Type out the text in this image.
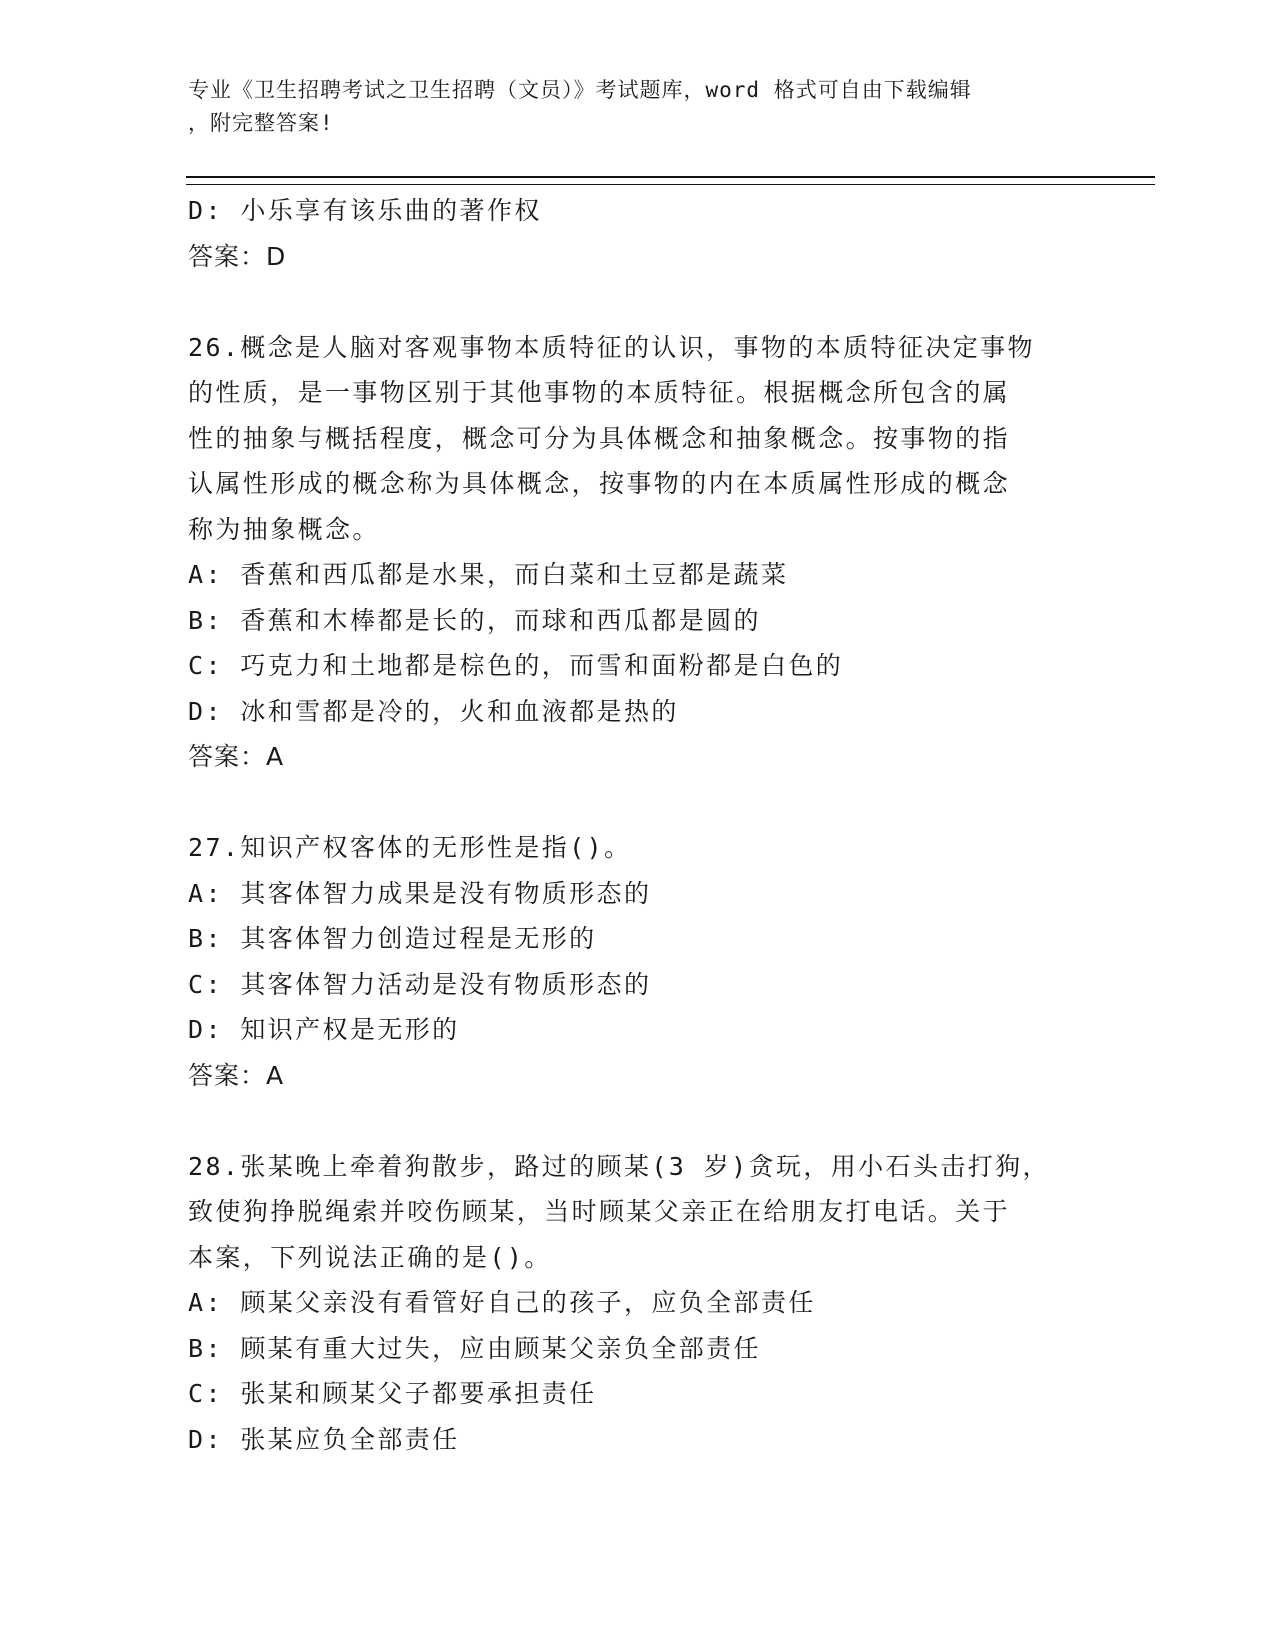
专业《卫生招聘考试之卫生招聘（文员）》考试题库，word 格式可自由下载编辑
，附完整答案!
D: 小乐享有该乐曲的著作权
答案：D
26.概念是人脑对客观事物本质特征的认识，事物的本质特征决定事物
的性质，是一事物区别于其他事物的本质特征。根据概念所包含的属
性的抽象与概括程度，概念可分为具体概念和抽象概念。按事物的指
认属性形成的概念称为具体概念，按事物的内在本质属性形成的概念
称为抽象概念。
A: 香蕉和西瓜都是水果，而白菜和土豆都是蔬菜
B: 香蕉和木棒都是长的，而球和西瓜都是圆的
C: 巧克力和土地都是棕色的，而雪和面粉都是白色的
D: 冰和雪都是冷的，火和血液都是热的
答案：A
27.知识产权客体的无形性是指()。
A: 其客体智力成果是没有物质形态的
B: 其客体智力创造过程是无形的
C: 其客体智力活动是没有物质形态的
D: 知识产权是无形的
答案：A
28.张某晚上牵着狗散步，路过的顾某(3 岁)贪玩，用小石头击打狗，
致使狗挣脱绳索并咬伤顾某，当时顾某父亲正在给朋友打电话。关于
本案，下列说法正确的是()。
A: 顾某父亲没有看管好自己的孩子，应负全部责任
B: 顾某有重大过失，应由顾某父亲负全部责任
C: 张某和顾某父子都要承担责任
D: 张某应负全部责任
